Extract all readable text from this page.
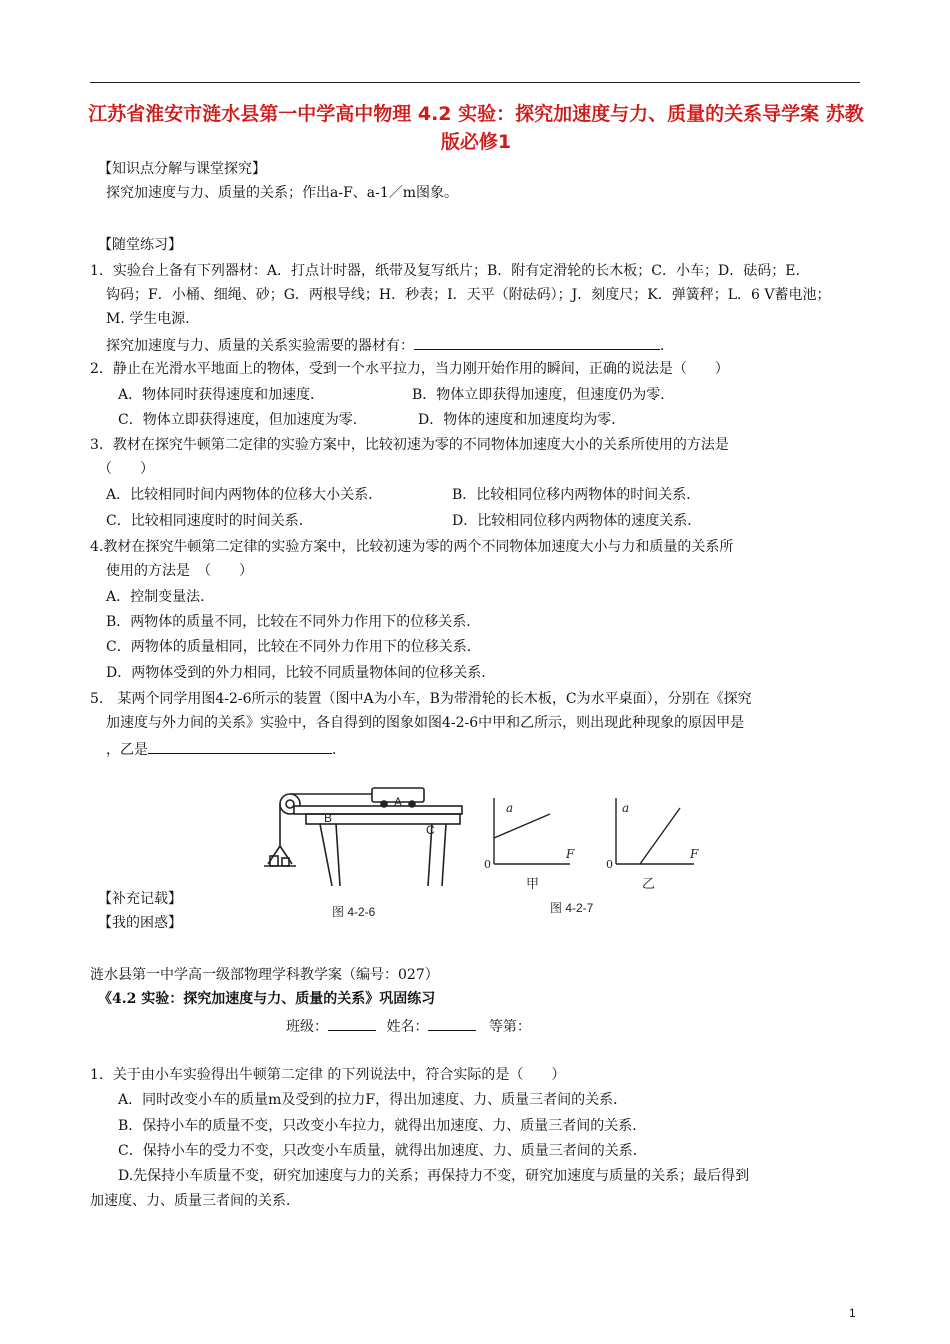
江苏省淮安市涟水县第一中学高中物理 4.2 实验：探究加速度与力、质量的关系导学案 苏教版必修1
【知识点分解与课堂探究】
探究加速度与力、质量的关系；作出a-F、a-1／m图象。
【随堂练习】
1．实验台上备有下列器材：A．打点计时器，纸带及复写纸片；B．附有定滑轮的长木板；C．小车；D．砝码；E．
钩码；F．小桶、细绳、砂；G．两根导线；H．秒表；Ⅰ．天平（附砝码）；J．刻度尺；K．弹簧秤；L．6 V蓄电池；
M. 学生电源．
探究加速度与力、质量的关系实验需要的器材有：	．
2．静止在光滑水平地面上的物体，受到一个水平拉力，当力刚开始作用的瞬间，正确的说法是（　　）
A．物体同时获得速度和加速度．	B．物体立即获得加速度，但速度仍为零．
C．物体立即获得速度，但加速度为零．	D．物体的速度和加速度均为零．
3．教材在探究牛顿第二定律的实验方案中，比较初速为零的不同物体加速度大小的关系所使用的方法是
（　　）
A．比较相同时间内两物体的位移大小关系．	B．比较相同位移内两物体的时间关系．
C．比较相同速度时的时间关系．	D．比较相同位移内两物体的速度关系．
4.教材在探究牛顿第二定律的实验方案中，比较初速为零的两个不同物体加速度大小与力和质量的关系所
使用的方法是　（　　）
A．控制变量法.
B．两物体的质量不同，比较在不同外力作用下的位移关系．
C．两物体的质量相同，比较在不同外力作用下的位移关系．
D．两物体受到的外力相同，比较不同质量物体间的位移关系．
5.　某两个同学用图4-2-6所示的装置（图中A为小车，B为带滑轮的长木板，C为水平桌面），分别在《探究
加速度与外力间的关系》实验中，各自得到的图象如图4-2-6中甲和乙所示，则出现此种现象的原因甲是
，乙是	．
A
B
C
图 4-2-6
a
F
0
甲
a
F
0
乙
图 4-2-7
【补充记载】
【我的困惑】
涟水县第一中学高一级部物理学科教学案（编号：027）
《4.2 实验：探究加速度与力、质量的关系》巩固练习
班级：	姓名：	等第：
1．关于由小车实验得出牛顿第二定律 的下列说法中，符合实际的是（　　）
A．同时改变小车的质量m及受到的拉力F，得出加速度、力、质量三者间的关系．
B．保持小车的质量不变，只改变小车拉力，就得出加速度、力、质量三者间的关系．
C．保持小车的受力不变，只改变小车质量，就得出加速度、力、质量三者间的关系．
D.先保持小车质量不变，研究加速度与力的关系；再保持力不变，研究加速度与质量的关系；最后得到
加速度、力、质量三者间的关系．
1
